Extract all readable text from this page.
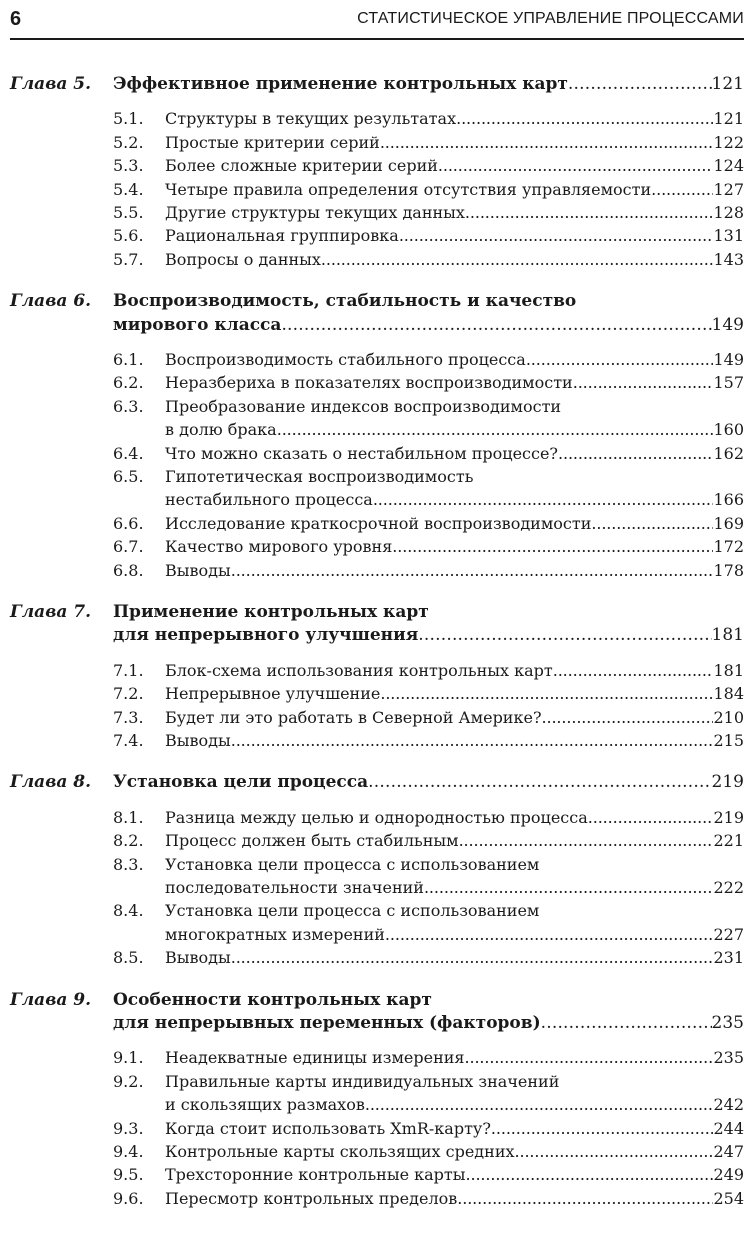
6	СТАТИСТИЧЕСКОЕ УПРАВЛЕНИЕ ПРОЦЕССАМИ
Глава 5. Эффективное применение контрольных карт . . .	121
5.1. Структуры в текущих результатах . . .	121
5.2. Простые критерии серий . . .	122
5.3. Более сложные критерии серий . . .	124
5.4. Четыре правила определения отсутствия управляемости . . .	127
5.5. Другие структуры текущих данных . . .	128
5.6. Рациональная группировка . . .	131
5.7. Вопросы о данных . . .	143
Глава 6. Воспроизводимость, стабильность и качество
мирового класса . . .	149
6.1. Воспроизводимость стабильного процесса . . .	149
6.2. Неразбериха в показателях воспроизводимости . . .	157
6.3. Преобразование индексов воспроизводимости
в долю брака . . .	160
6.4. Что можно сказать о нестабильном процессе? . . .	162
6.5. Гипотетическая воспроизводимость
нестабильного процесса . . .	166
6.6. Исследование краткосрочной воспроизводимости . . .	169
6.7. Качество мирового уровня . . .	172
6.8. Выводы . . .	178
Глава 7. Применение контрольных карт
для непрерывного улучшения . . .	181
7.1. Блок-схема использования контрольных карт . . .	181
7.2. Непрерывное улучшение . . .	184
7.3. Будет ли это работать в Северной Америке? . . .	210
7.4. Выводы . . .	215
Глава 8. Установка цели процесса . . .	219
8.1. Разница между целью и однородностью процесса . . .	219
8.2. Процесс должен быть стабильным . . .	221
8.3. Установка цели процесса с использованием
последовательности значений . . .	222
8.4. Установка цели процесса с использованием
многократных измерений . . .	227
8.5. Выводы . . .	231
Глава 9. Особенности контрольных карт
для непрерывных переменных (факторов) . . .	235
9.1. Неадекватные единицы измерения . . .	235
9.2. Правильные карты индивидуальных значений
и скользящих размахов . . .	242
9.3. Когда стоит использовать XmR-карту? . . .	244
9.4. Контрольные карты скользящих средних . . .	247
9.5. Трехсторонние контрольные карты . . .	249
9.6. Пересмотр контрольных пределов . . .	254
